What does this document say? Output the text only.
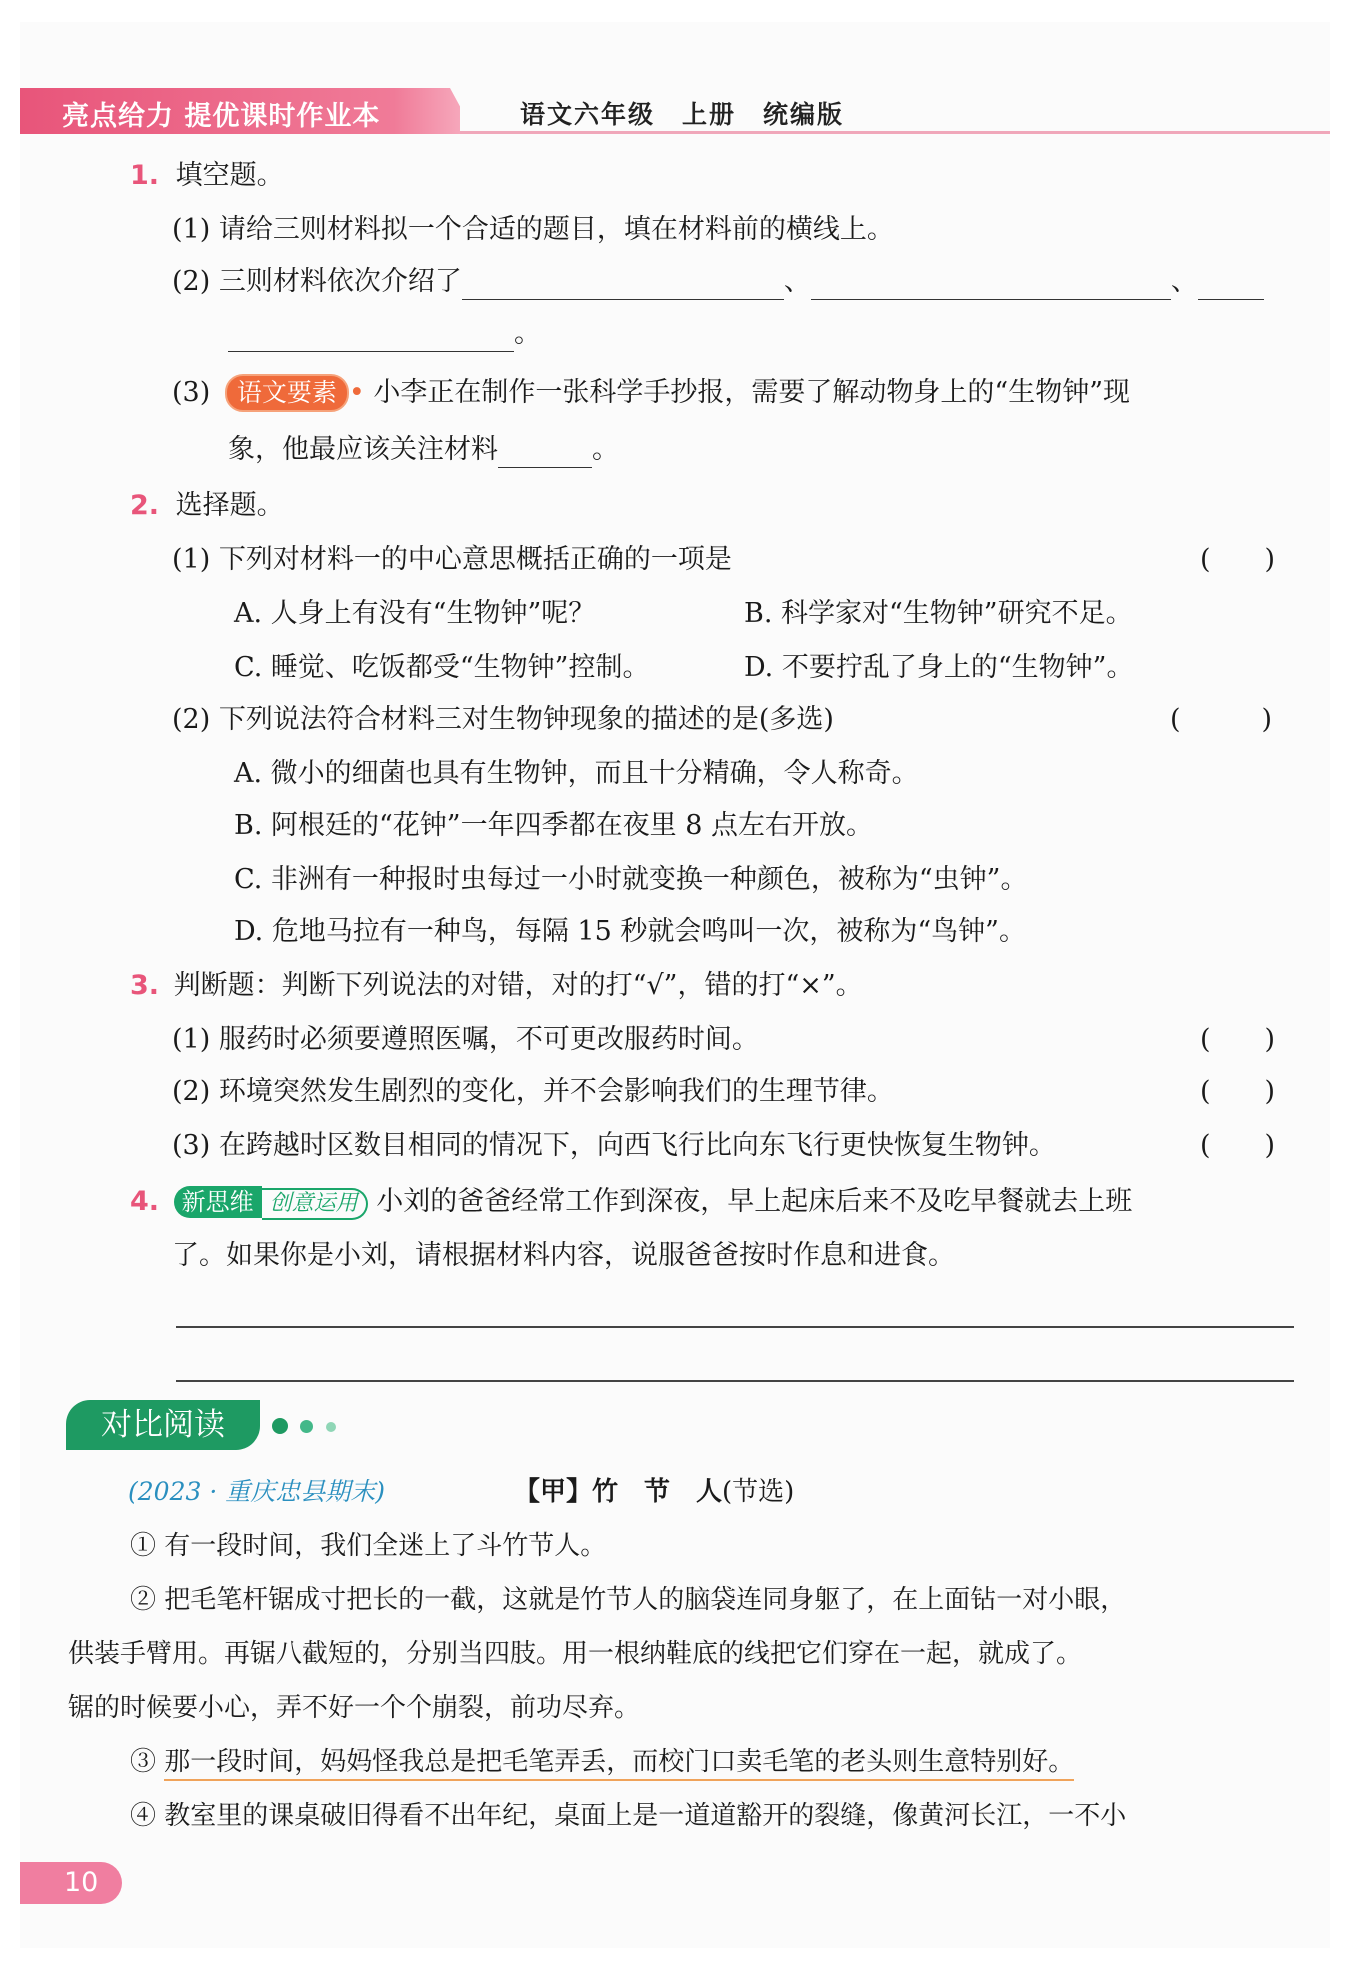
亮点给力 提优课时作业本	语文六年级　上册　统编版
1. 填空题。
(1) 请给三则材料拟一个合适的题目，填在材料前的横线上。
(2) 三则材料依次介绍了	、	、
。
(3) 语文要素 • 小李正在制作一张科学手抄报，需要了解动物身上的“生物钟”现
象，他最应该关注材料	。
2. 选择题。
(1) 下列对材料一的中心意思概括正确的一项是	(　　)
A. 人身上有没有“生物钟”呢？	B. 科学家对“生物钟”研究不足。
C. 睡觉、吃饭都受“生物钟”控制。	D. 不要拧乱了身上的“生物钟”。
(2) 下列说法符合材料三对生物钟现象的描述的是(多选)	(　　　)
A. 微小的细菌也具有生物钟，而且十分精确，令人称奇。
B. 阿根廷的“花钟”一年四季都在夜里 8 点左右开放。
C. 非洲有一种报时虫每过一小时就变换一种颜色，被称为“虫钟”。
D. 危地马拉有一种鸟，每隔 15 秒就会鸣叫一次，被称为“鸟钟”。
3. 判断题：判断下列说法的对错，对的打“√”，错的打“×”。
(1) 服药时必须要遵照医嘱，不可更改服药时间。	(　　)
(2) 环境突然发生剧烈的变化，并不会影响我们的生理节律。	(　　)
(3) 在跨越时区数目相同的情况下，向西飞行比向东飞行更快恢复生物钟。	(　　)
4. 新思维 创意运用 小刘的爸爸经常工作到深夜，早上起床后来不及吃早餐就去上班
了。如果你是小刘，请根据材料内容，说服爸爸按时作息和进食。
对比阅读
(2023 · 重庆忠县期末)	【甲】竹　节　人(节选)
① 有一段时间，我们全迷上了斗竹节人。
② 把毛笔杆锯成寸把长的一截，这就是竹节人的脑袋连同身躯了，在上面钻一对小眼，
供装手臂用。再锯八截短的，分别当四肢。用一根纳鞋底的线把它们穿在一起，就成了。
锯的时候要小心，弄不好一个个崩裂，前功尽弃。
③ 那一段时间，妈妈怪我总是把毛笔弄丢，而校门口卖毛笔的老头则生意特别好。
④ 教室里的课桌破旧得看不出年纪，桌面上是一道道豁开的裂缝，像黄河长江，一不小
10
